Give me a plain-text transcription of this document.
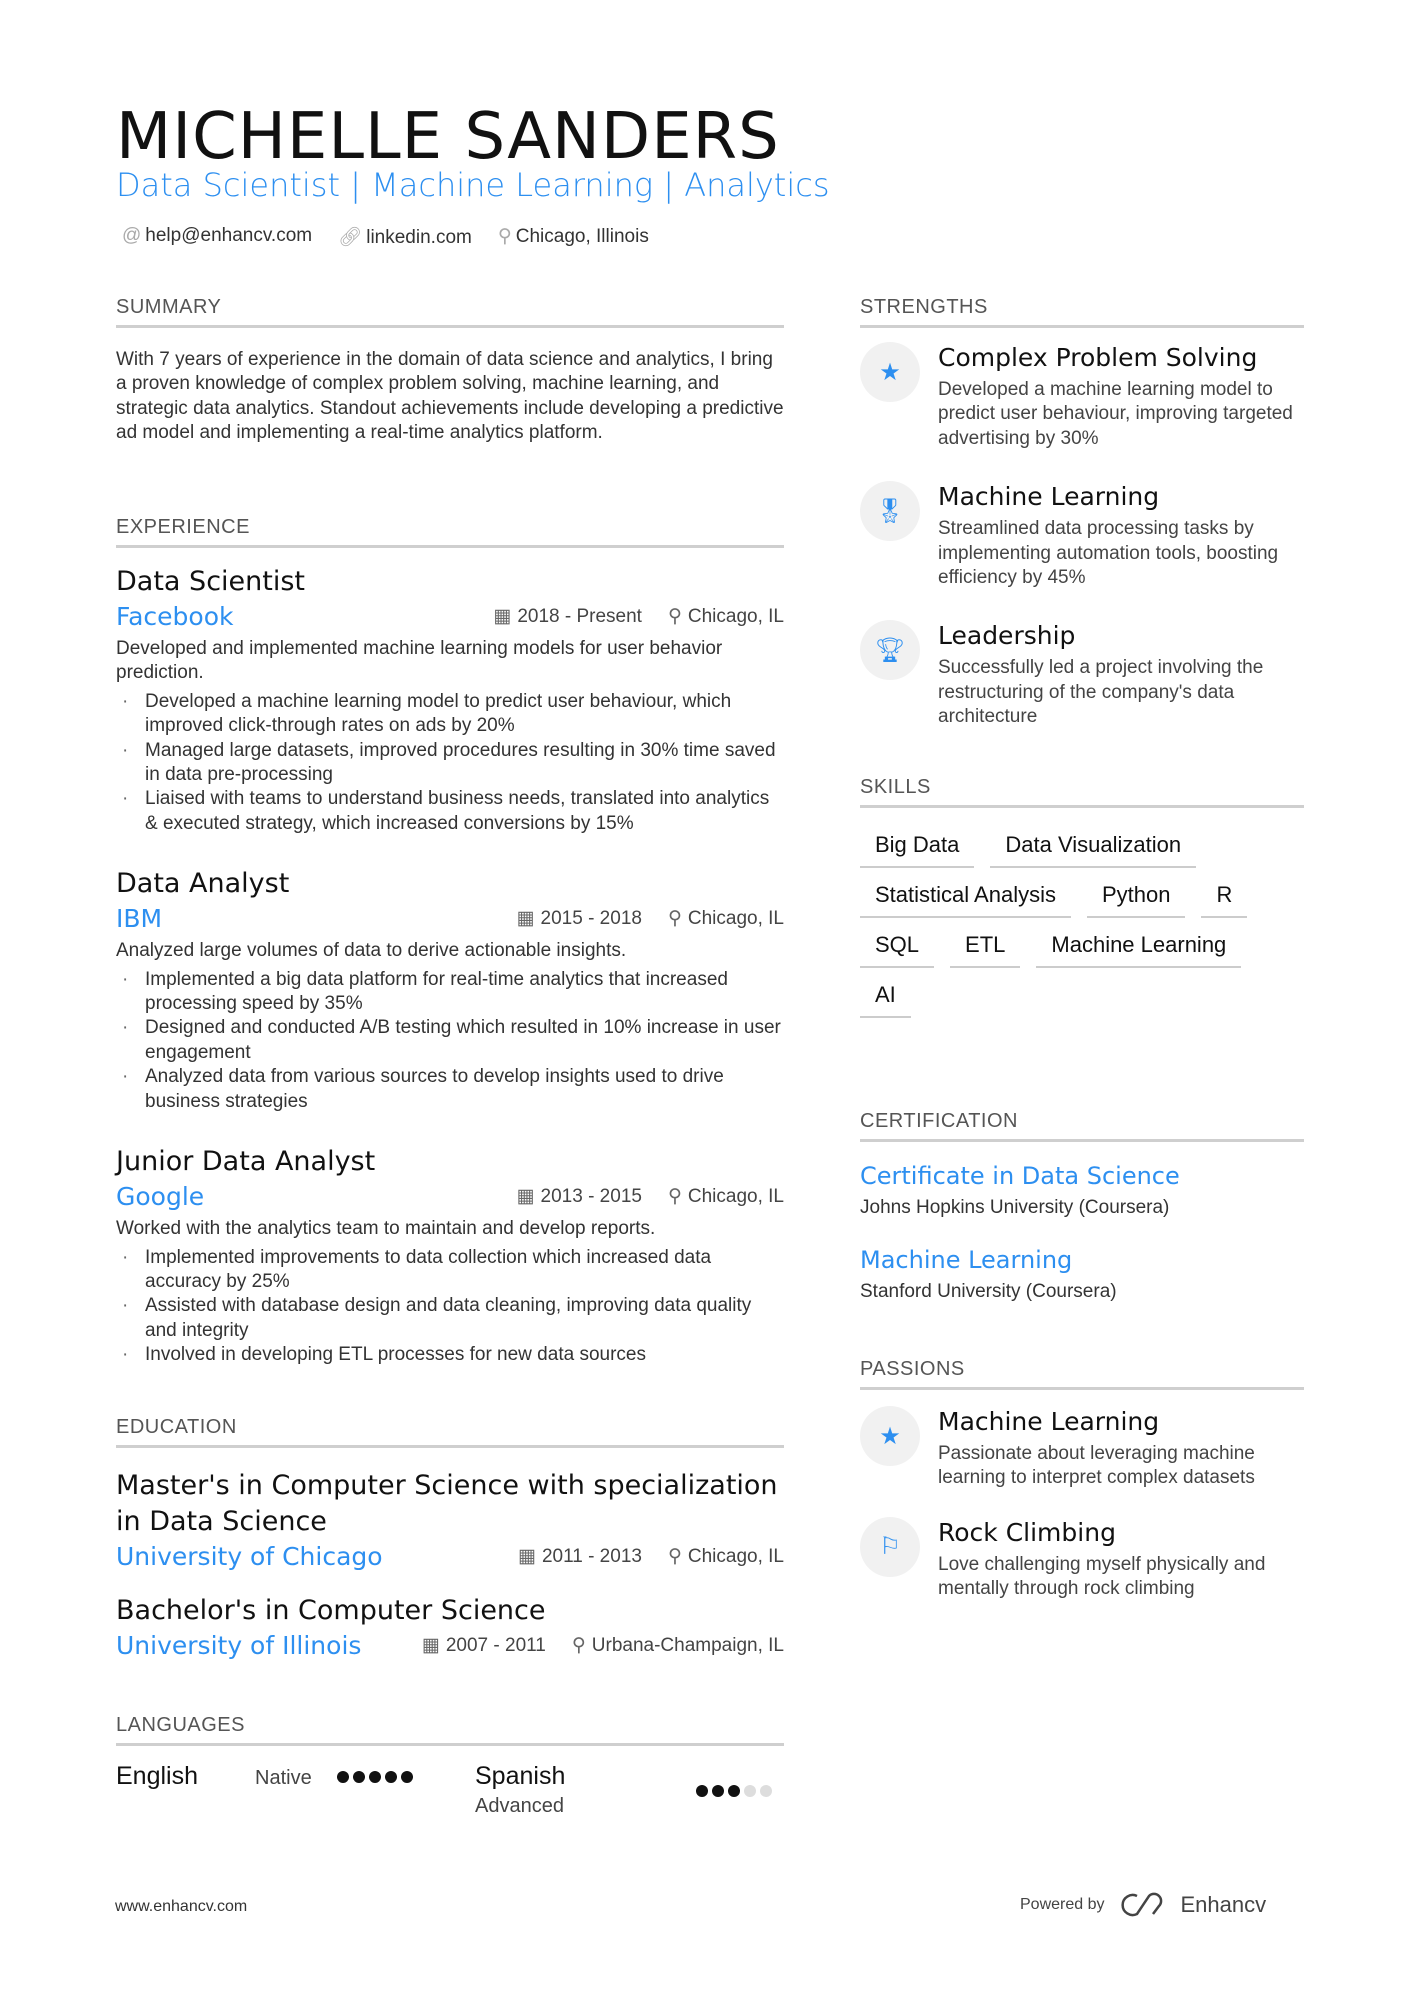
MICHELLE SANDERS
Data Scientist | Machine Learning | Analytics
@ help@enhancv.com 🔗︎ linkedin.com ⚲ Chicago, Illinois
SUMMARY
With 7 years of experience in the domain of data science and analytics, I bring a proven knowledge of complex problem solving, machine learning, and strategic data analytics. Standout achievements include developing a predictive ad model and implementing a real-time analytics platform.
EXPERIENCE
Data Scientist
Facebook	▦ 2018 - Present ⚲ Chicago, IL
Developed and implemented machine learning models for user behavior prediction.
· Developed a machine learning model to predict user behaviour, which improved click-through rates on ads by 20%
· Managed large datasets, improved procedures resulting in 30% time saved in data pre-processing
· Liaised with teams to understand business needs, translated into analytics & executed strategy, which increased conversions by 15%
Data Analyst
IBM	▦ 2015 - 2018 ⚲ Chicago, IL
Analyzed large volumes of data to derive actionable insights.
· Implemented a big data platform for real-time analytics that increased processing speed by 35%
· Designed and conducted A/B testing which resulted in 10% increase in user engagement
· Analyzed data from various sources to develop insights used to drive business strategies
Junior Data Analyst
Google	▦ 2013 - 2015 ⚲ Chicago, IL
Worked with the analytics team to maintain and develop reports.
· Implemented improvements to data collection which increased data accuracy by 25%
· Assisted with database design and data cleaning, improving data quality and integrity
· Involved in developing ETL processes for new data sources
EDUCATION
Master's in Computer Science with specialization in Data Science
University of Chicago	▦ 2011 - 2013 ⚲ Chicago, IL
Bachelor's in Computer Science
University of Illinois	▦ 2007 - 2011 ⚲ Urbana-Champaign, IL
LANGUAGES
English	Native	Spanish
Advanced
STRENGTHS
★	Complex Problem Solving
Developed a machine learning model to predict user behaviour, improving targeted advertising by 30%
🎖︎	Machine Learning
Streamlined data processing tasks by implementing automation tools, boosting efficiency by 45%
🏆︎	Leadership
Successfully led a project involving the restructuring of the company's data architecture
SKILLS
Big Data	Data Visualization
Statistical Analysis	Python	R
SQL	ETL	Machine Learning
AI
CERTIFICATION
Certificate in Data Science
Johns Hopkins University (Coursera)
Machine Learning
Stanford University (Coursera)
PASSIONS
★	Machine Learning
Passionate about leveraging machine learning to interpret complex datasets
⚐	Rock Climbing
Love challenging myself physically and mentally through rock climbing
www.enhancv.com	Powered by	Enhancv
